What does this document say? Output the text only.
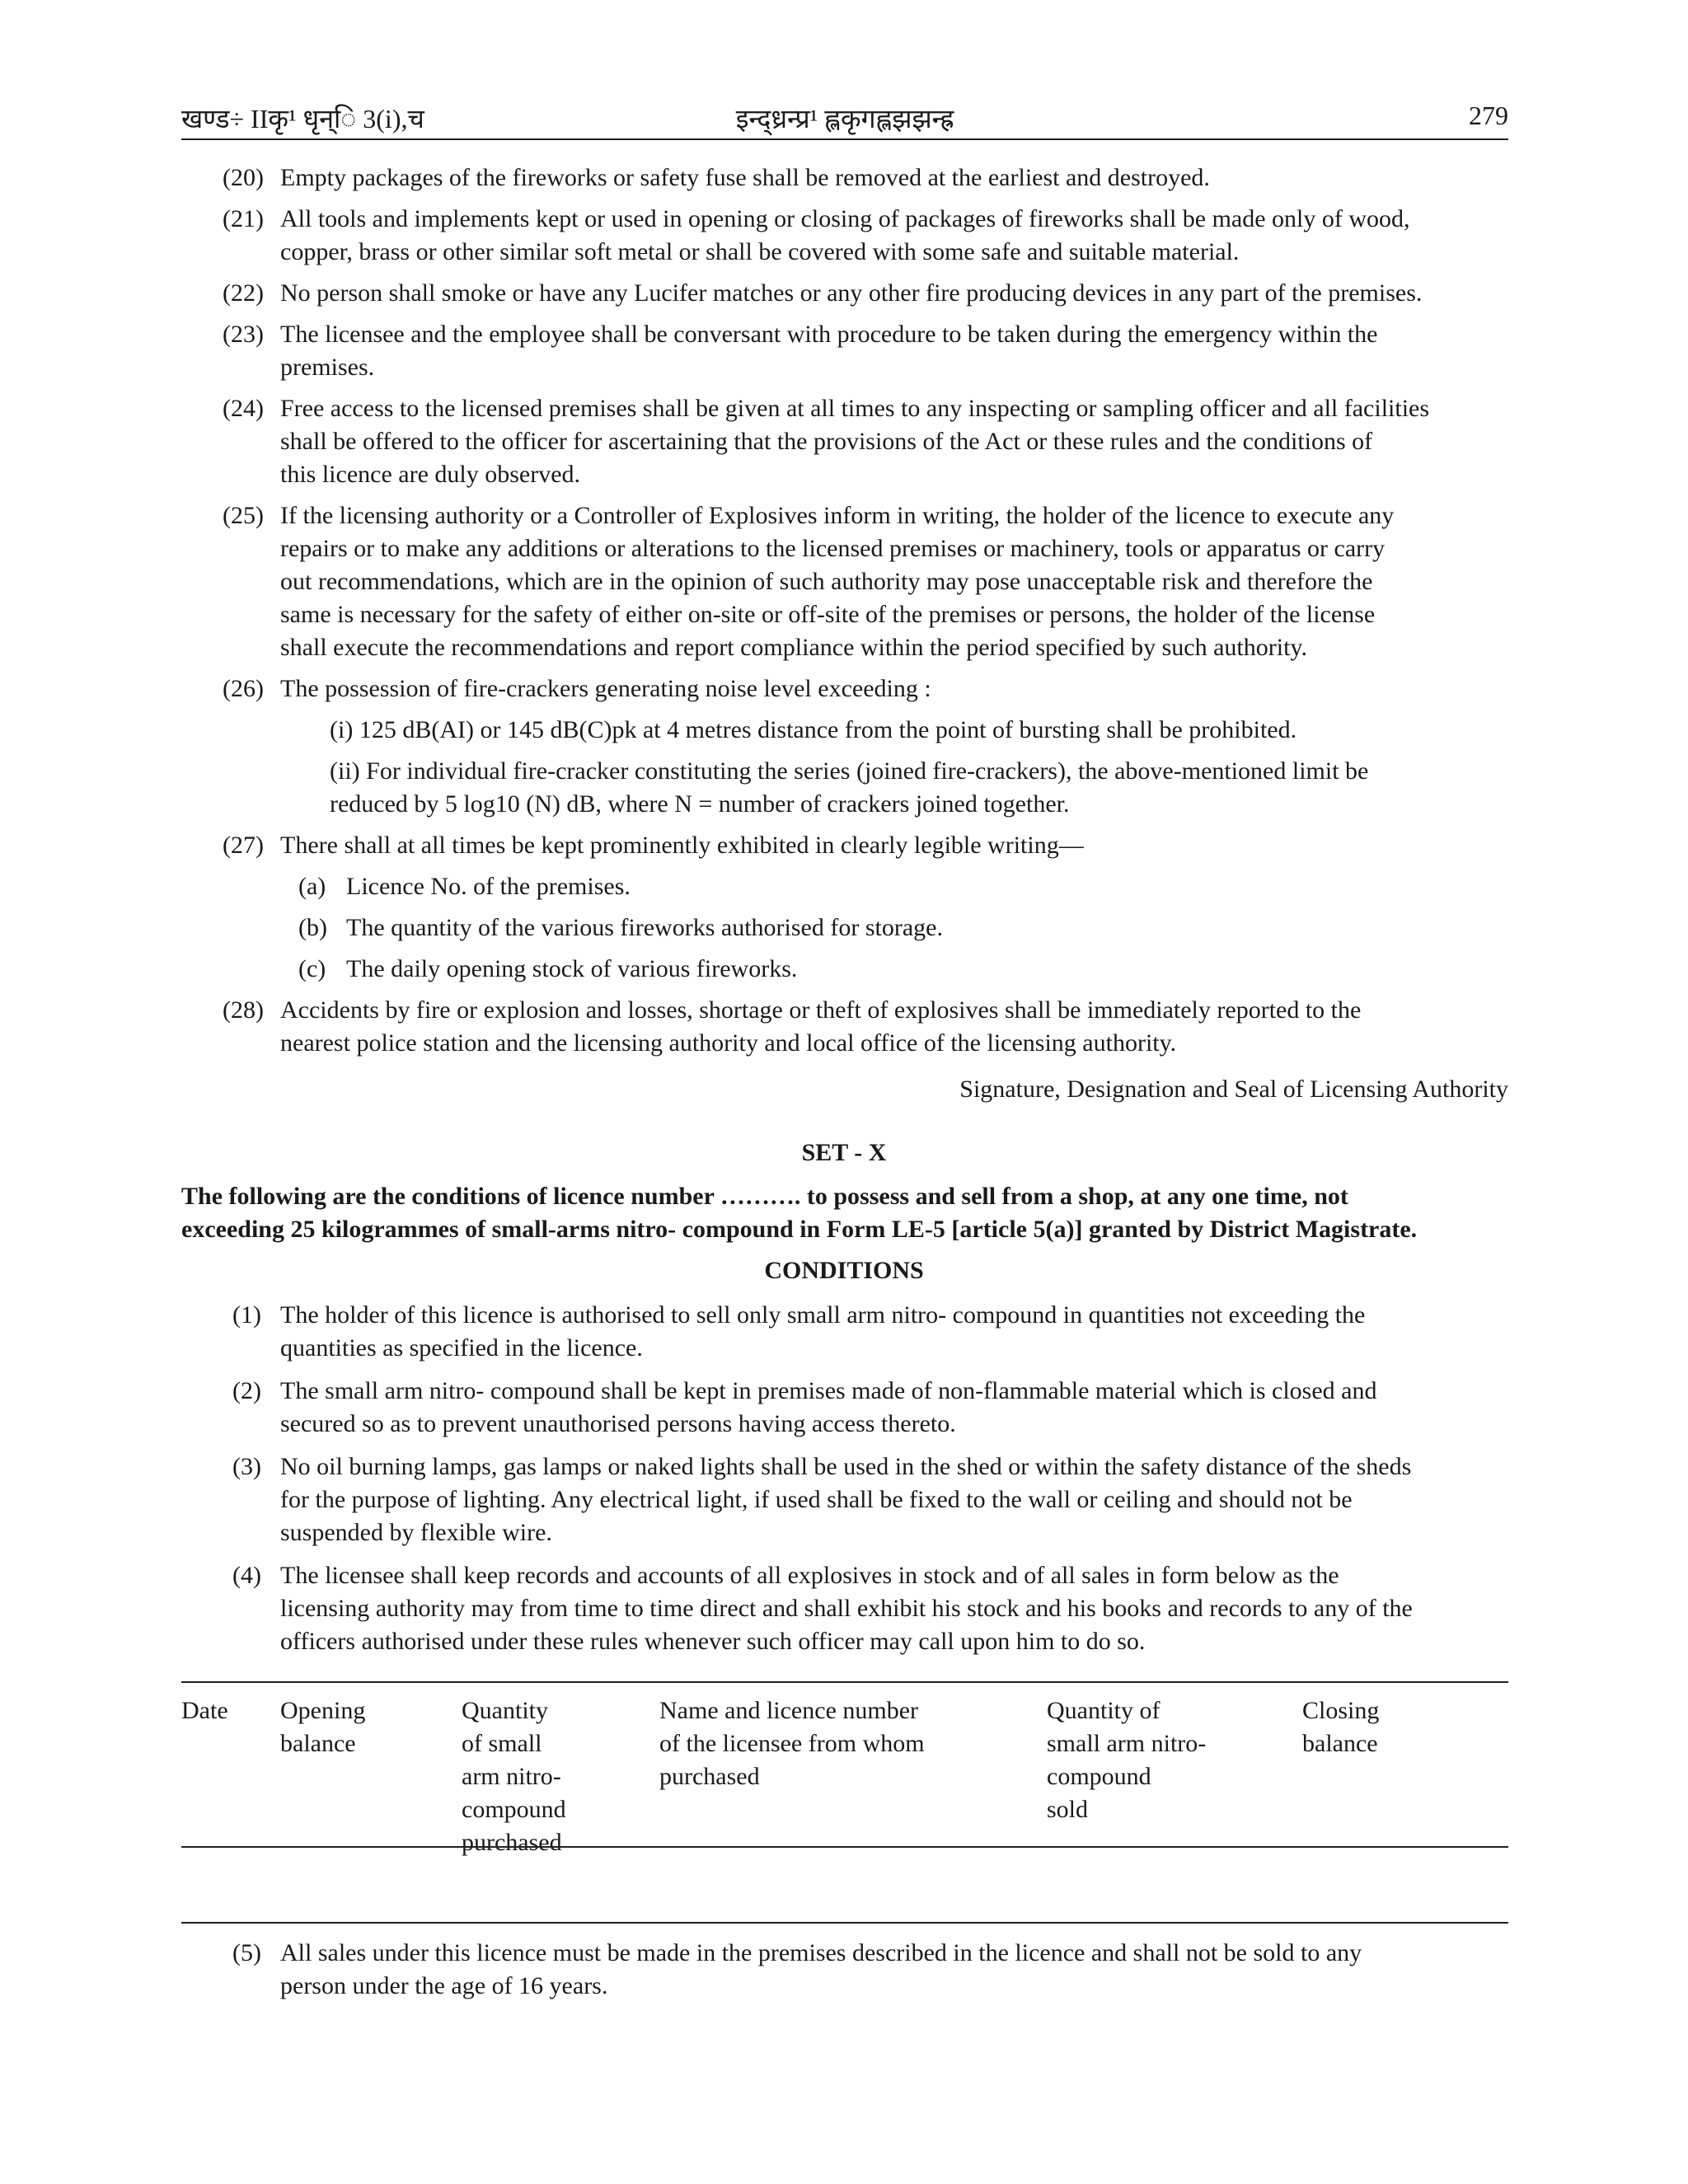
खण्ड÷ IIकृ¹ धृन्ि 3(i),च	इन्द्ध्रन्प्र¹ ह्लकृगह्लझझन्ह्र	279
(20) Empty packages of the fireworks or safety fuse shall be removed at the earliest and destroyed.

(21) All tools and implements kept or used in opening or closing of packages of fireworks shall be made only of wood,

copper, brass or other similar soft metal or shall be covered with some safe and suitable material.

(22) No person shall smoke or have any Lucifer matches or any other fire producing devices in any part of the premises.

(23) The licensee and the employee shall be conversant with procedure to be taken during the emergency within the

premises.

(24) Free access to the licensed premises shall be given at all times to any inspecting or sampling officer and all facilities

shall be offered to the officer for ascertaining that the provisions of the Act or these rules and the conditions of

this licence are duly observed.

(25) If the licensing authority or a Controller of Explosives inform in writing, the holder of the licence to execute any

repairs or to make any additions or alterations to the licensed premises or machinery, tools or apparatus or carry

out recommendations, which are in the opinion of such authority may pose unacceptable risk and therefore the

same is necessary for the safety of either on-site or off-site of the premises or persons, the holder of the license

shall execute the recommendations and report compliance within the period specified by such authority.

(26) The possession of fire-crackers generating noise level exceeding :

(i) 125 dB(AI) or 145 dB(C)pk at 4 metres distance from the point of bursting shall be prohibited.

(ii) For individual fire-cracker constituting the series (joined fire-crackers), the above-mentioned limit be

reduced by 5 log10 (N) dB, where N = number of crackers joined together.

(27) There shall at all times be kept prominently exhibited in clearly legible writing—

(a) Licence No. of the premises.
(b) The quantity of the various fireworks authorised for storage.
(c) The daily opening stock of various fireworks.
(28) Accidents by fire or explosion and losses, shortage or theft of explosives shall be immediately reported to the

nearest police station and the licensing authority and local office of the licensing authority.

Signature, Designation and Seal of Licensing Authority
SET - X
The following are the conditions of licence number ………. to possess and sell from a shop, at any one time, not
exceeding 25 kilogrammes of small-arms nitro- compound in Form LE-5 [article 5(a)] granted by District Magistrate.
CONDITIONS
(1) The holder of this licence is authorised to sell only small arm nitro- compound in quantities not exceeding the

quantities as specified in the licence.

(2) The small arm nitro- compound shall be kept in premises made of non-flammable material which is closed and

secured so as to prevent unauthorised persons having access thereto.

(3) No oil burning lamps, gas lamps or naked lights shall be used in the shed or within the safety distance of the sheds

for the purpose of lighting. Any electrical light, if used shall be fixed to the wall or ceiling and should not be

suspended by flexible wire.

(4) The licensee shall keep records and accounts of all explosives in stock and of all sales in form below as the

licensing authority may from time to time direct and shall exhibit his stock and his books and records to any of the

officers authorised under these rules whenever such officer may call upon him to do so.

Date Opening
balance
Quantity
of small
arm nitro-
compound
purchased
Name and licence number
of the licensee from whom
purchased
Quantity of
small arm nitro-
compound
sold
Closing
balance
(5) All sales under this licence must be made in the premises described in the licence and shall not be sold to any

person under the age of 16 years.
